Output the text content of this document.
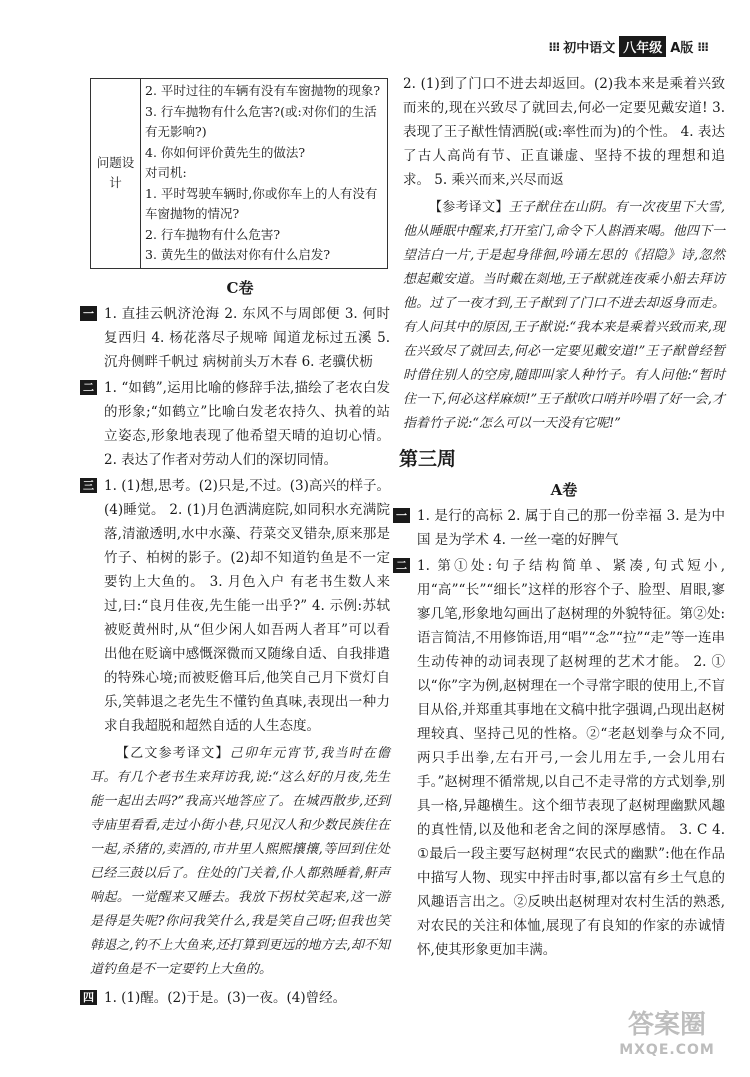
⁝⁝⁝ 初中语文 八年级 A版 ⁝⁝⁝
问题设计	
2. 平时过往的车辆有没有车窗抛物的现象?
3. 行车抛物有什么危害?(或:对你们的生活有无影响?)
4. 你如何评价黄先生的做法?
对司机:
1. 平时驾驶车辆时,你或你车上的人有没有车窗抛物的情况?
2. 行车抛物有什么危害?
3. 黄先生的做法对你有什么启发?
C卷
一 1. 直挂云帆济沧海 2. 东风不与周郎便 3. 何时复西归 4. 杨花落尽子规啼 闻道龙标过五溪 5. 沉舟侧畔千帆过 病树前头万木春 6. 老骥伏枥
二 1. “如鹤”,运用比喻的修辞手法,描绘了老农白发的形象;“如鹤立”比喻白发老农持久、执着的站立姿态,形象地表现了他希望天晴的迫切心情。 2. 表达了作者对劳动人们的深切同情。
三 1. (1)想,思考。(2)只是,不过。(3)高兴的样子。(4)睡觉。 2. (1)月色洒满庭院,如同积水充满院落,清澈透明,水中水藻、荇菜交叉错杂,原来那是竹子、柏树的影子。(2)却不知道钓鱼是不一定要钓上大鱼的。 3. 月色入户 有老书生数人来过,曰:“良月佳夜,先生能一出乎?” 4. 示例:苏轼被贬黄州时,从“但少闲人如吾两人者耳”可以看出他在贬谪中感慨深微而又随缘自适、自我排遣的特殊心境;而被贬儋耳后,他笑自己月下赏灯自乐,笑韩退之老先生不懂钓鱼真味,表现出一种力求自我超脱和超然自适的人生态度。
【乙文参考译文】己卯年元宵节,我当时在儋耳。有几个老书生来拜访我,说:“这么好的月夜,先生能一起出去吗?”我高兴地答应了。在城西散步,还到寺庙里看看,走过小街小巷,只见汉人和少数民族住在一起,杀猪的,卖酒的,市井里人熙熙攘攘,等回到住处已经三鼓以后了。住处的门关着,仆人都熟睡着,鼾声响起。一觉醒来又睡去。我放下拐杖笑起来,这一游是得是失呢?你问我笑什么,我是笑自己呀;但我也笑韩退之,钓不上大鱼来,还打算到更远的地方去,却不知道钓鱼是不一定要钓上大鱼的。
四 1. (1)醒。(2)于是。(3)一夜。(4)曾经。
2. (1)到了门口不进去却返回。(2)我本来是乘着兴致而来的,现在兴致尽了就回去,何必一定要见戴安道! 3. 表现了王子猷性情洒脱(或:率性而为)的个性。 4. 表达了古人高尚有节、正直谦虚、坚持不拔的理想和追求。 5. 乘兴而来,兴尽而返
【参考译文】王子猷住在山阴。有一次夜里下大雪,他从睡眠中醒来,打开室门,命令下人斟酒来喝。他四下一望洁白一片,于是起身徘徊,吟诵左思的《招隐》诗,忽然想起戴安道。当时戴在剡地,王子猷就连夜乘小船去拜访他。过了一夜才到,王子猷到了门口不进去却返身而走。有人问其中的原因,王子猷说:“我本来是乘着兴致而来,现在兴致尽了就回去,何必一定要见戴安道!”王子猷曾经暂时借住别人的空房,随即叫家人种竹子。有人问他:“暂时住一下,何必这样麻烦!”王子猷吹口哨并吟唱了好一会,才指着竹子说:“怎么可以一天没有它呢!”
第三周
A卷
一 1. 是行的高标 2. 属于自己的那一份幸福 3. 是为中国 是为学术 4. 一丝一毫的好脾气
二 1. 第①处:句子结构简单、紧凑,句式短小,用“高”“长”“细长”这样的形容个子、脸型、眉眼,寥寥几笔,形象地勾画出了赵树理的外貌特征。第②处:语言简洁,不用修饰语,用“唱”“念”“拉”“走”等一连串生动传神的动词表现了赵树理的艺术才能。 2. ①以“你”字为例,赵树理在一个寻常字眼的使用上,不盲目从俗,并郑重其事地在文稿中批字强调,凸现出赵树理较真、坚持己见的性格。②“老赵划拳与众不同,两只手出拳,左右开弓,一会儿用左手,一会儿用右手。”赵树理不循常规,以自己不走寻常的方式划拳,别具一格,异趣横生。这个细节表现了赵树理幽默风趣的真性情,以及他和老舍之间的深厚感情。 3. C 4. ①最后一段主要写赵树理“农民式的幽默”:他在作品中描写人物、现实中抨击时事,都以富有乡土气息的风趣语言出之。②反映出赵树理对农村生活的熟悉,对农民的关注和体恤,展现了有良知的作家的赤诚情怀,使其形象更加丰满。
答案圈
MXQE.COM
